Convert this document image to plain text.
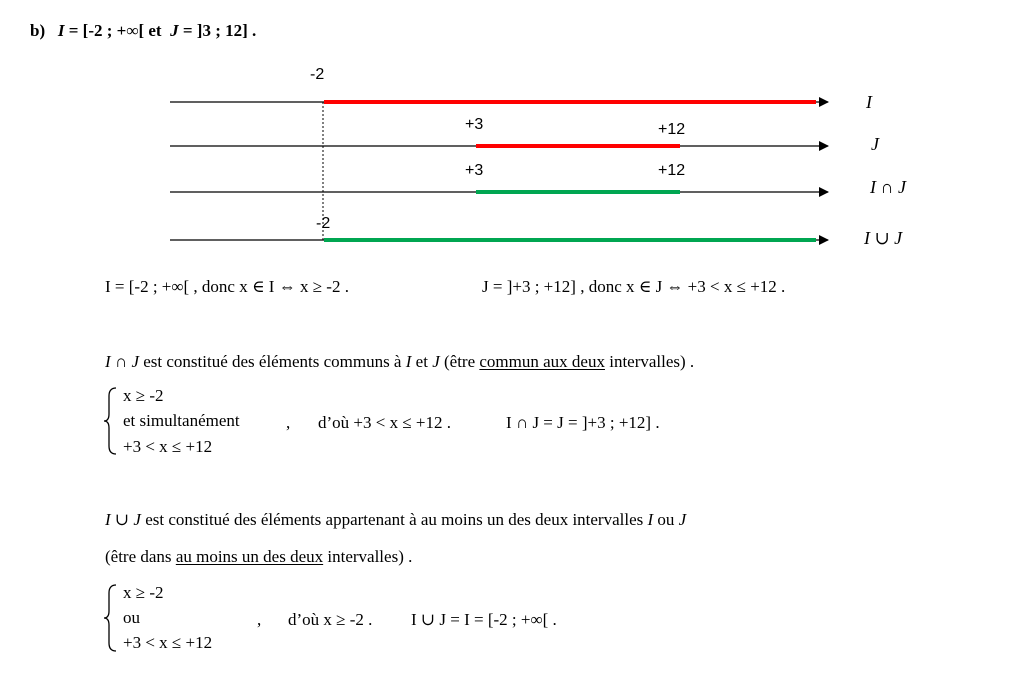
b) I = [-2 ; +∞[ et J = ]3 ; 12] .
-2
+3	+12
+3	+12
-2
I
J
I ∩ J
I ∪ J
I = [-2 ; +∞[ , donc x ∈ I ⇔ x ≥ -2 .	J = ]+3 ; +12] , donc x ∈ J ⇔ +3 < x ≤ +12 .
I ∩ J est constitué des éléments communs à I et J (être commun aux deux intervalles) .
x ≥ -2
et simultanément
+3 < x ≤ +12
, d’où +3 < x ≤ +12 .	I ∩ J = J = ]+3 ; +12] .
I ∪ J est constitué des éléments appartenant à au moins un des deux intervalles I ou J
(être dans au moins un des deux intervalles) .
x ≥ -2
ou
+3 < x ≤ +12
, d’où x ≥ -2 . I ∪ J = I = [-2 ; +∞[ .
